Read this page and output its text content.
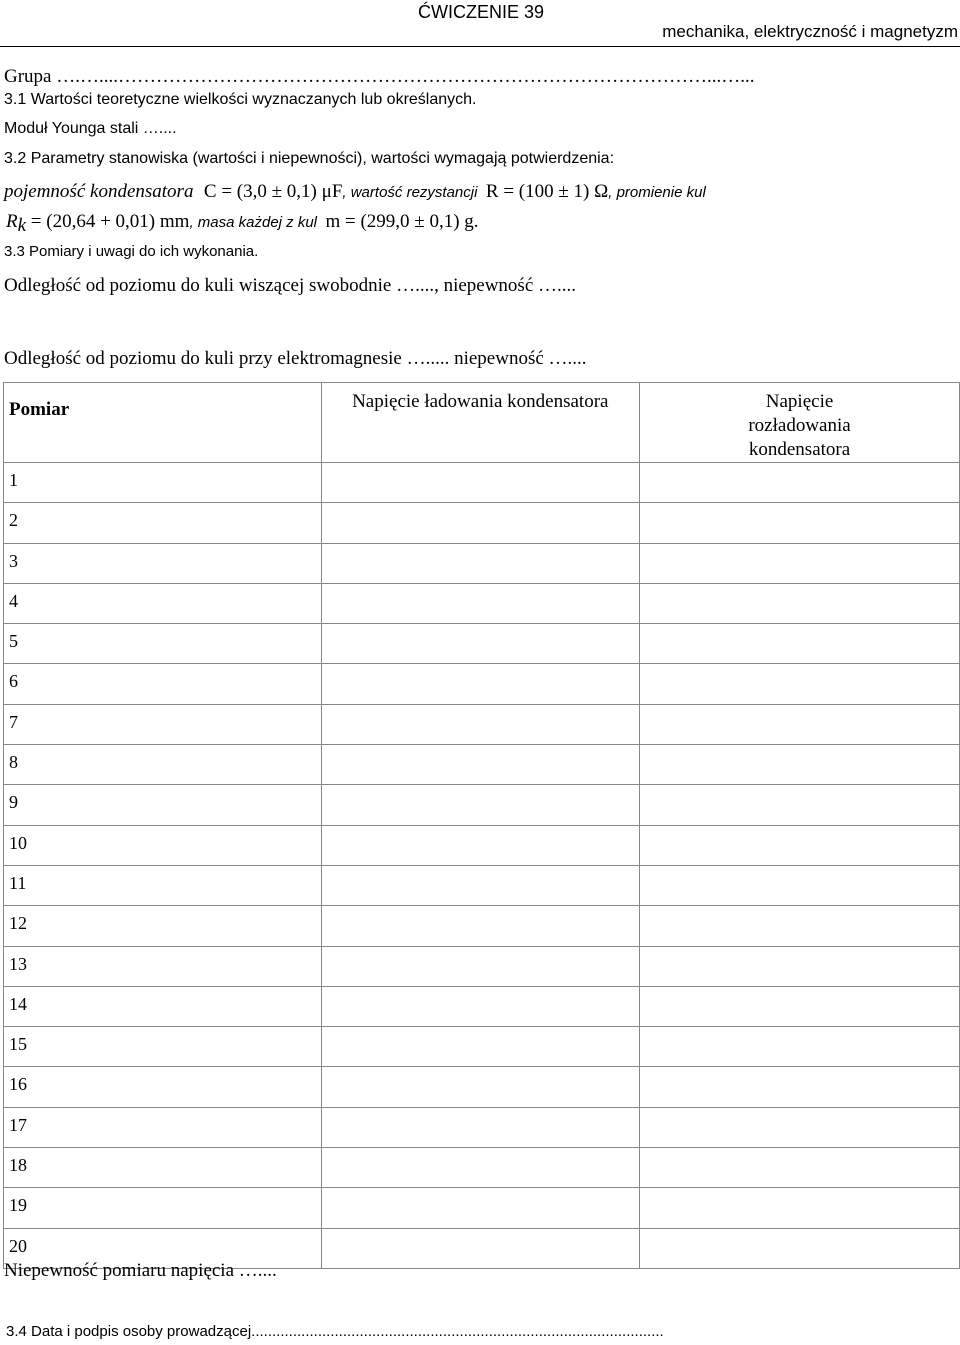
ĆWICZENIE 39
mechanika, elektryczność i magnetyzm
Grupa ….…....…………………………………………………………………………………...…...
3.1 Wartości teoretyczne wielkości wyznaczanych lub określanych.
Moduł Younga stali …....
3.2 Parametry stanowiska (wartości i niepewności), wartości wymagają potwierdzenia:
pojemność kondensatora C = (3,0 ± 0,1) μF, wartość rezystancji R = (100 ± 1) Ω, promienie kul
$R_k = (20,64 + 0,01)$ mm, masa każdej z kul m = (299,0 ± 0,1) g.
3.3 Pomiary i uwagi do ich wykonania.
Odległość od poziomu do kuli wiszącej swobodnie …...., niepewność …....
Odległość od poziomu do kuli przy elektromagnesie …..... niepewność …....
Pomiar	Napięcie ładowania kondensatora	Napięcie rozładowania kondensatora

1		

2		

3		

4		

5		

6		

7		

8		

9		

10		

11		

12		

13		

14		

15		

16		

17		

18		

19		

20		

Niepewność pomiaru napięcia …....
3.4 Data i podpis osoby prowadzącej...................................................................................................
